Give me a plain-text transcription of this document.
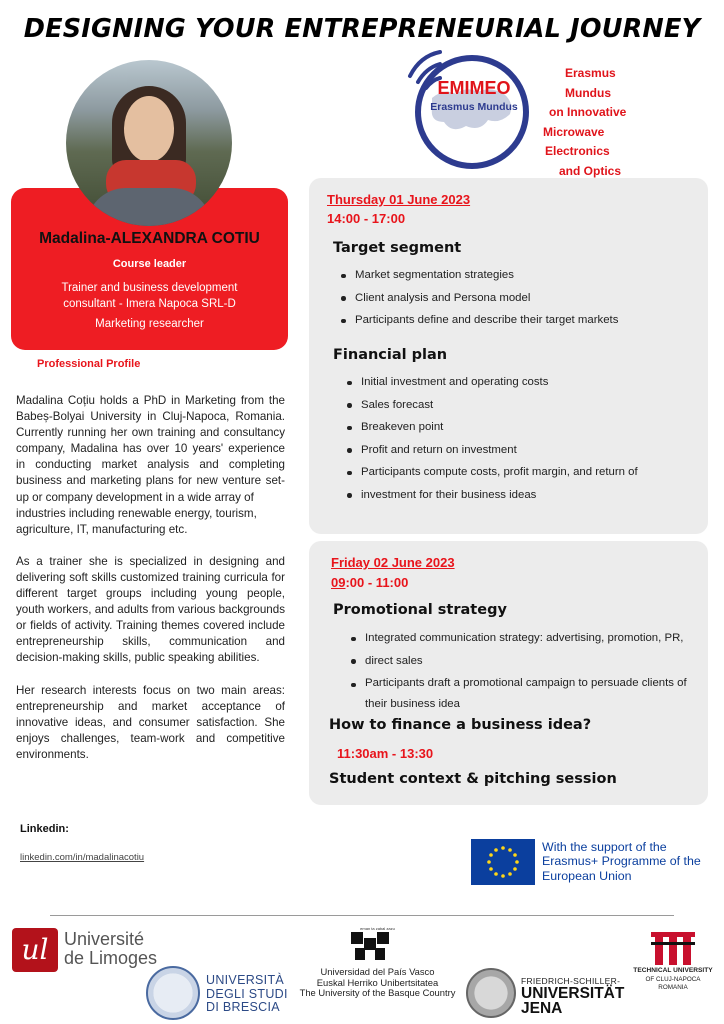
DESIGNING YOUR ENTREPRENEURIAL JOURNEY
Madalina-ALEXANDRA COTIU
Course leader
Trainer and business development consultant - Imera Napoca SRL-D
Marketing researcher
Professional Profile

Madalina Coțiu holds a PhD in Marketing from the Babeș-Bolyai University in Cluj-Napoca, Romania. Currently running her own training and consultancy company, Madalina has over 10 years' experience in conducting market analysis and completing business and marketing plans for new venture set-up or company development in a wide array of

industries including renewable energy, tourism, agriculture, IT, manufacturing etc.

As a trainer she is specialized in designing and delivering soft skills customized training curricula for different target groups including young people, youth workers, and adults from various backgrounds or fields of activity. Training themes covered include entrepreneurship skills, communication and decision-making skills, public speaking abilities.

Her research interests focus on two main areas: entrepreneurship and market acceptance of innovative ideas, and consumer satisfaction. She enjoys challenges, team-work and competitive environments.

Linkedin:
linkedin.com/in/madalinacotiu
EMIMEO
Erasmus Mundus
Erasmus Mundus
on Innovative
Microwave
Electronics
and Optics
Thursday 01 June 2023
14:00 - 17:00
Target segment
Market segmentation strategies
Client analysis and Persona model
Participants define and describe their target markets
Financial plan
Initial investment and operating costs
Sales forecast
Breakeven point
Profit and return on investment
Participants compute costs, profit margin, and return of
investment for their business ideas
Friday 02 June 2023
09:00 - 11:00
Promotional strategy
Integrated communication strategy: advertising, promotion, PR,
direct sales
Participants draft a promotional campaign to persuade clients of their business idea
How to finance a business idea?
11:30am - 13:30
Student context & pitching session
With the support of the Erasmus+ Programme of the European Union
ul Université
de Limoges
UNIVERSITÀ
DEGLI STUDI
DI BRESCIA
eman ta zabal zazu
Universidad del País Vasco
Euskal Herriko Unibertsitatea
The University of the Basque Country
FRIEDRICH-SCHILLER-
UNIVERSITÄT
JENA
TECHNICAL UNIVERSITY
OF CLUJ-NAPOCA
ROMANIA
